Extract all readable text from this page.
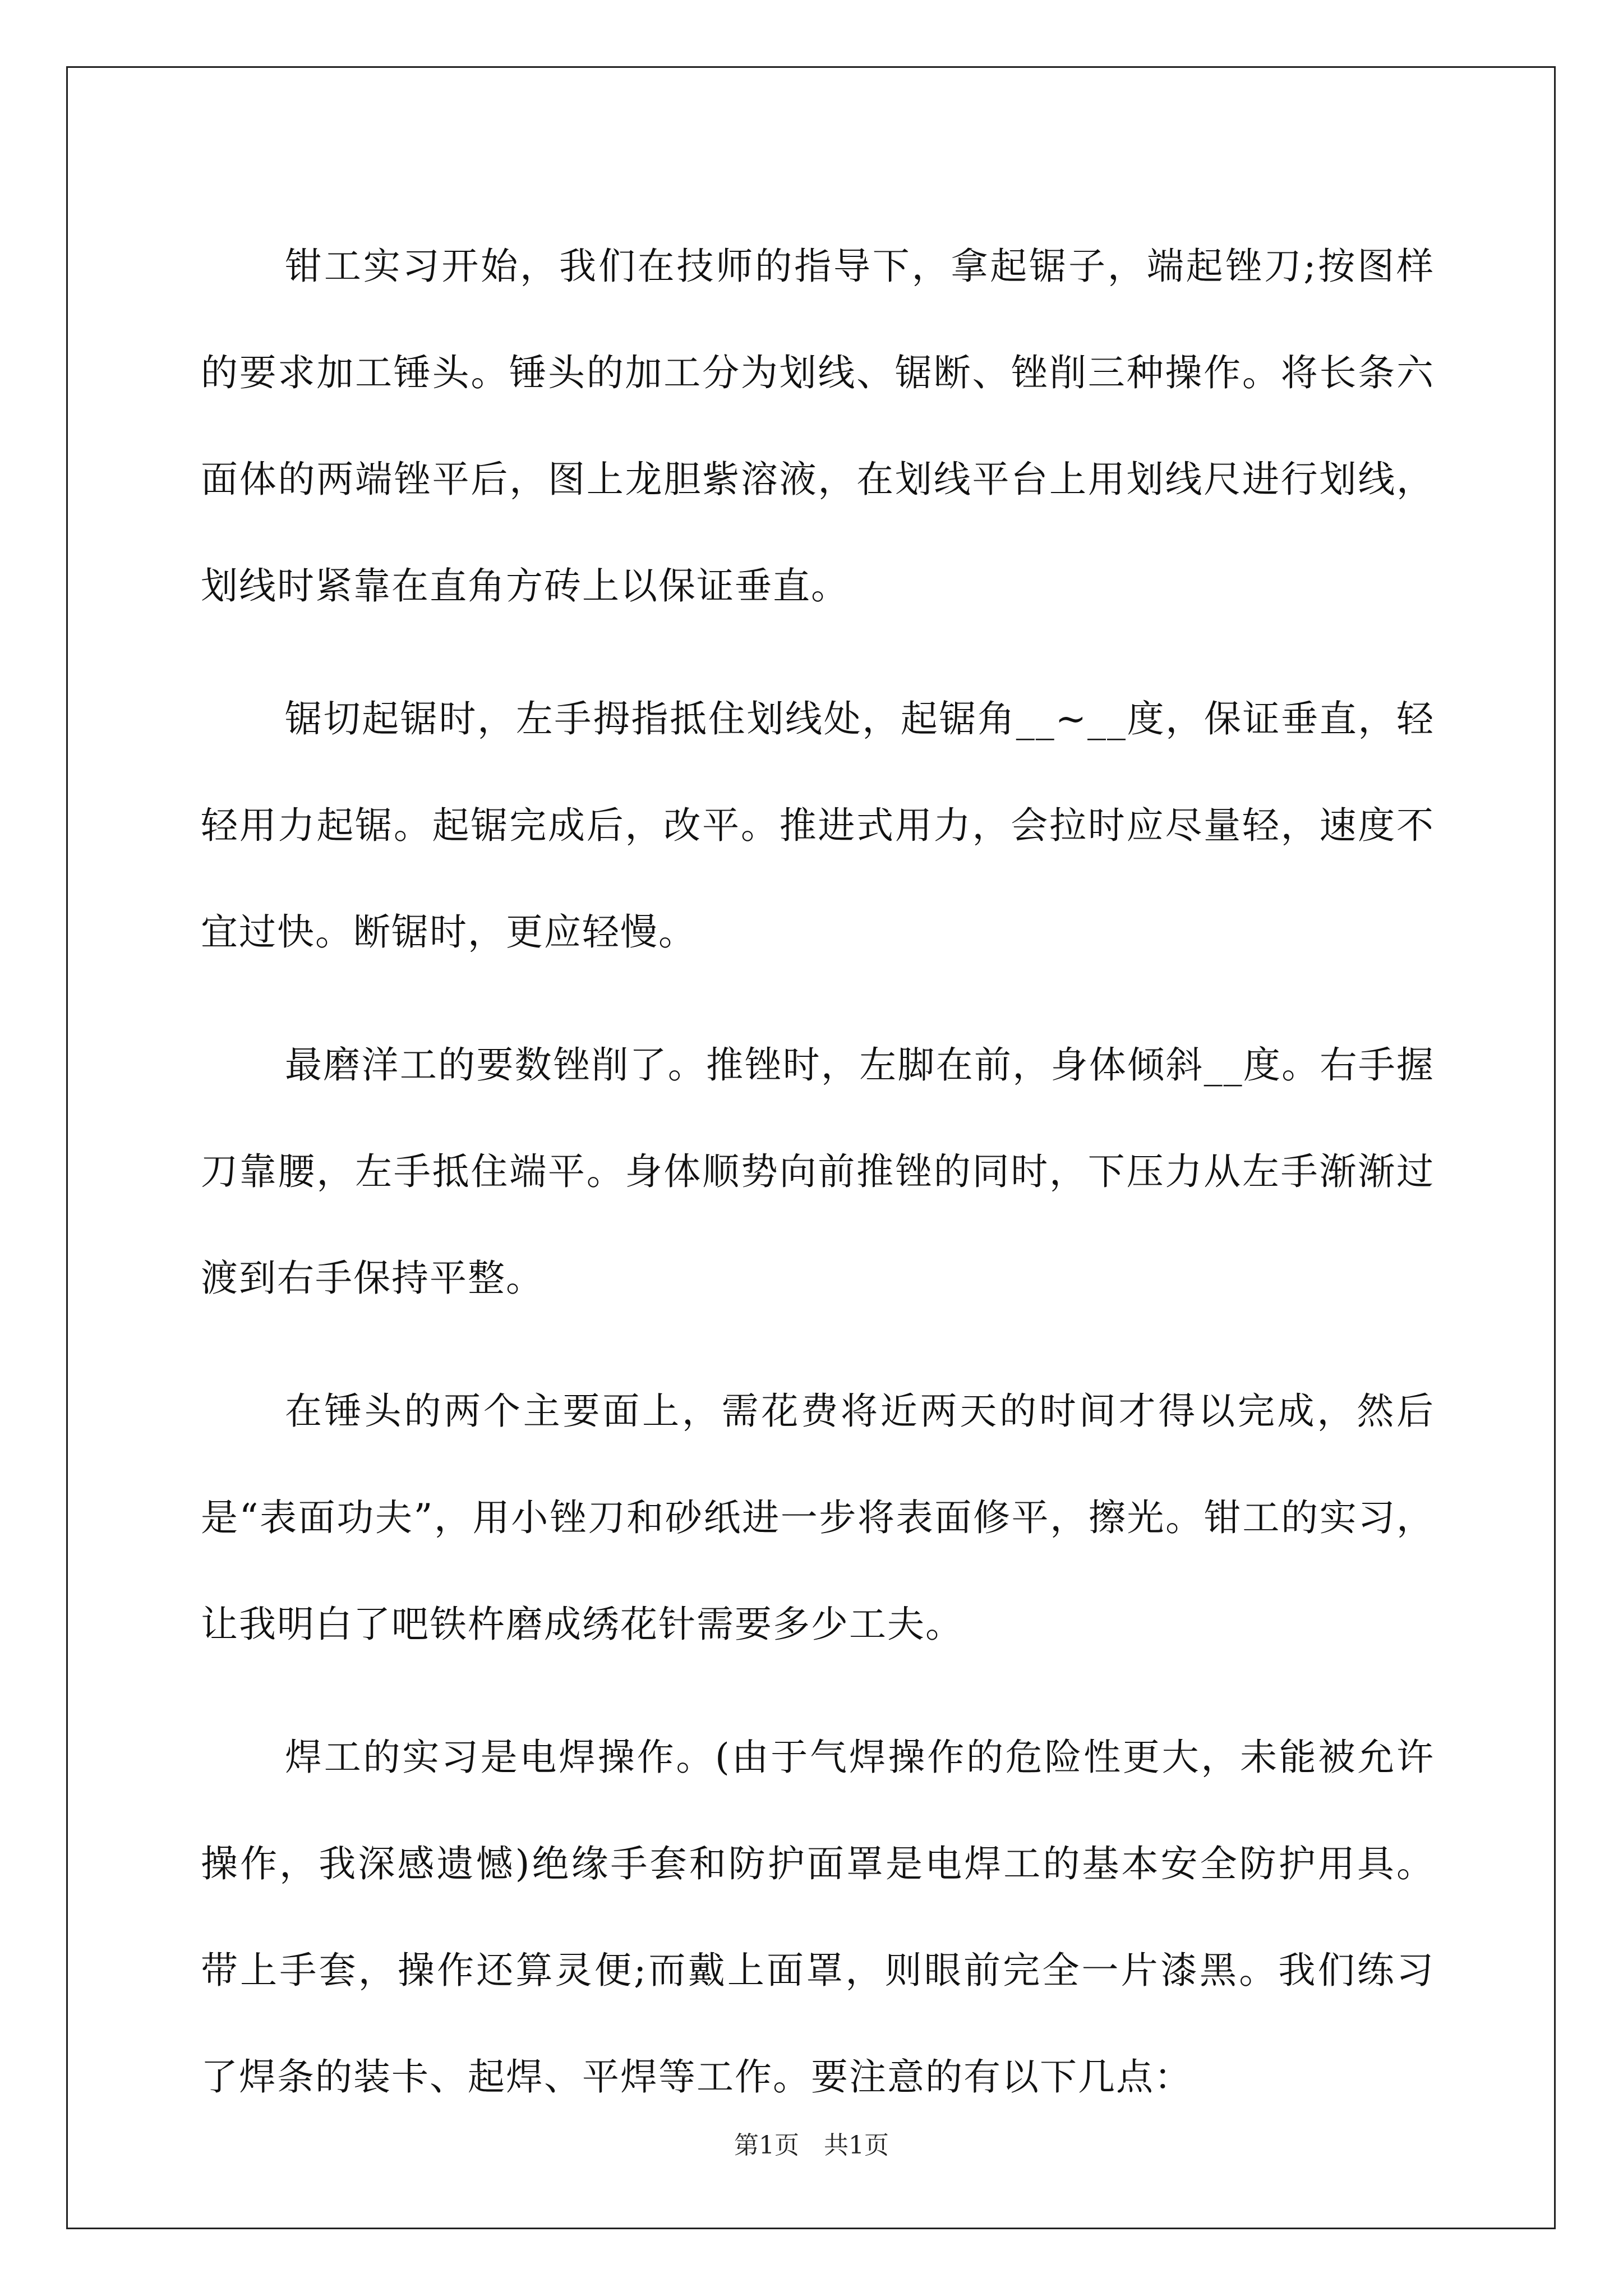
钳工实习开始，我们在技师的指导下，拿起锯子，端起锉刀;按图样的要求加工锤头。锤头的加工分为划线、锯断、锉削三种操作。将长条六面体的两端锉平后，图上龙胆紫溶液，在划线平台上用划线尺进行划线，划线时紧靠在直角方砖上以保证垂直。

锯切起锯时，左手拇指抵住划线处，起锯角__~__度，保证垂直，轻轻用力起锯。起锯完成后，改平。推进式用力，会拉时应尽量轻，速度不宜过快。断锯时，更应轻慢。

最磨洋工的要数锉削了。推锉时，左脚在前，身体倾斜__度。右手握刀靠腰，左手抵住端平。身体顺势向前推锉的同时，下压力从左手渐渐过渡到右手保持平整。

在锤头的两个主要面上，需花费将近两天的时间才得以完成，然后是“表面功夫”，用小锉刀和砂纸进一步将表面修平，擦光。钳工的实习，让我明白了吧铁杵磨成绣花针需要多少工夫。

焊工的实习是电焊操作。(由于气焊操作的危险性更大，未能被允许操作，我深感遗憾)绝缘手套和防护面罩是电焊工的基本安全防护用具。带上手套，操作还算灵便;而戴上面罩，则眼前完全一片漆黑。我们练习了焊条的装卡、起焊、平焊等工作。要注意的有以下几点：

第1页　共1页
